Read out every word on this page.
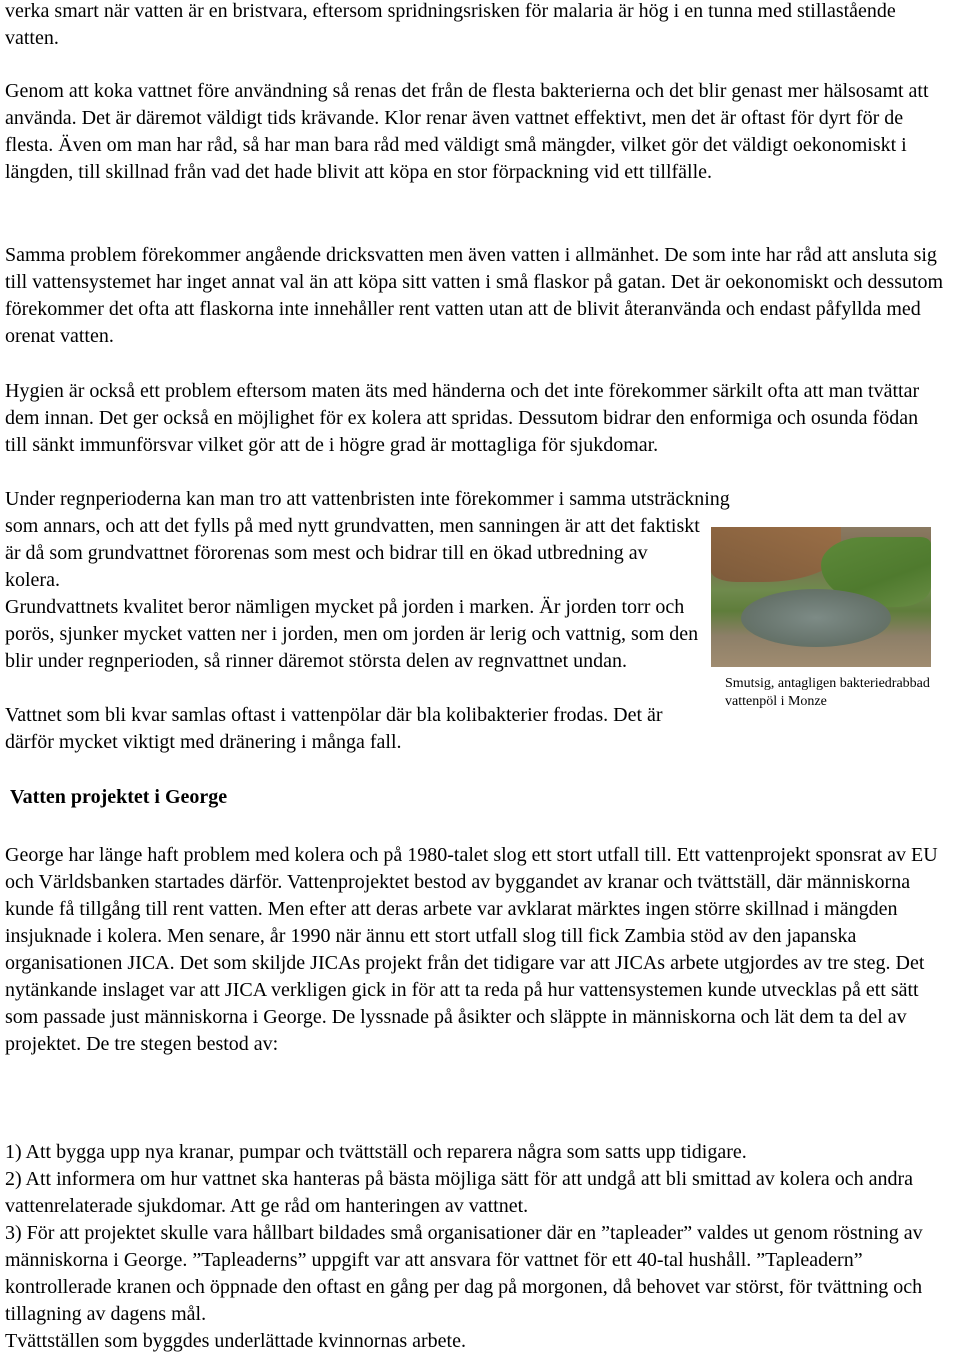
verka smart när vatten är en bristvara, eftersom spridningsrisken för malaria är hög i en tunna med stillastående vatten.

Genom att koka vattnet före användning så renas det från de flesta bakterierna och det blir genast mer hälsosamt att använda. Det är däremot väldigt tids krävande. Klor renar även vattnet effektivt, men det är oftast för dyrt för de flesta. Även om man har råd, så har man bara råd med väldigt små mängder, vilket gör det väldigt oekonomiskt i längden, till skillnad från vad det hade blivit att köpa en stor förpackning vid ett tillfälle.

Samma problem förekommer angående dricksvatten men även vatten i allmänhet. De som inte har råd att ansluta sig till vattensystemet har inget annat val än att köpa sitt vatten i små flaskor på gatan. Det är oekonomiskt och dessutom förekommer det ofta att flaskorna inte innehåller rent vatten utan att de blivit återanvända och endast påfyllda med orenat vatten.

Hygien är också ett problem eftersom maten äts med händerna och det inte förekommer särkilt ofta att man tvättar dem innan. Det ger också en möjlighet för ex kolera att spridas. Dessutom bidrar den enformiga och osunda födan till sänkt immunförsvar vilket gör att de i högre grad är mottagliga för sjukdomar.

Under regnperioderna kan man tro att vattenbristen inte förekommer i samma utsträckning

som annars, och att det fylls på med nytt grundvatten, men sanningen är att det faktiskt är då som grundvattnet förorenas som mest och bidrar till en ökad utbredning av kolera.

Grundvattnets kvalitet beror nämligen mycket på jorden i marken. Är jorden torr och porös, sjunker mycket vatten ner i jorden, men om jorden är lerig och vattnig, som den blir under regnperioden, så rinner däremot största delen av regnvattnet undan.

Vattnet som bli kvar samlas oftast i vattenpölar där bla kolibakterier frodas. Det är därför mycket viktigt med dränering i många fall.

Vatten projektet i George

George har länge haft problem med kolera och på 1980-talet slog ett stort utfall till. Ett vattenprojekt sponsrat av EU och Världsbanken startades därför. Vattenprojektet bestod av byggandet av kranar och tvättställ, där människorna kunde få tillgång till rent vatten. Men efter att deras arbete var avklarat märktes ingen större skillnad i mängden insjuknade i kolera. Men senare, år 1990 när ännu ett stort utfall slog till fick Zambia stöd av den japanska organisationen JICA. Det som skiljde JICAs projekt från det tidigare var att JICAs arbete utgjordes av tre steg. Det nytänkande inslaget var att JICA verkligen gick in för att ta reda på hur vattensystemen kunde utvecklas på ett sätt som passade just människorna i George. De lyssnade på åsikter och släppte in människorna och lät dem ta del av projektet. De tre stegen bestod av:

1) Att bygga upp nya kranar, pumpar och tvättställ och reparera några som satts upp tidigare.

2) Att informera om hur vattnet ska hanteras på bästa möjliga sätt för att undgå att bli smittad av kolera och andra vattenrelaterade sjukdomar. Att ge råd om hanteringen av vattnet.

3) För att projektet skulle vara hållbart bildades små organisationer där en ”tapleader” valdes ut genom röstning av människorna i George. ”Tapleaderns” uppgift var att ansvara för vattnet för ett 40-tal hushåll. ”Tapleadern” kontrollerade kranen och öppnade den oftast en gång per dag på morgonen, då behovet var störst, för tvättning och tillagning av dagens mål.

Tvättställen som byggdes underlättade kvinnornas arbete.

Smutsig, antagligen bakteriedrabbad vattenpöl i Monze
